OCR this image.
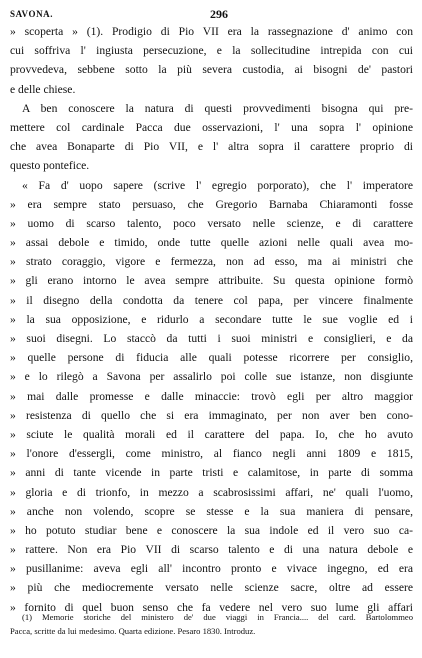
SAVONA.	296
» scoperta » (1). Prodigio di Pio VII era la rassegnazione d' animo con
cui soffriva l' ingiusta persecuzione, e la sollecitudine intrepida con cui
provvedeva, sebbene sotto la più severa custodia, ai bisogni de' pastori
e delle chiese.
A ben conoscere la natura di questi provvedimenti bisogna qui pre-
mettere col cardinale Pacca due osservazioni, l' una sopra l' opinione
che avea Bonaparte di Pio VII, e l' altra sopra il carattere proprio di
questo pontefice.
« Fa d' uopo sapere (scrive l' egregio porporato), che l' imperatore
» era sempre stato persuaso, che Gregorio Barnaba Chiaramonti fosse
» uomo di scarso talento, poco versato nelle scienze, e di carattere
» assai debole e timido, onde tutte quelle azioni nelle quali avea mo-
» strato coraggio, vigore e fermezza, non ad esso, ma ai ministri che
» gli erano intorno le avea sempre attribuite. Su questa opinione formò
» il disegno della condotta da tenere col papa, per vincere finalmente
» la sua opposizione, e ridurlo a secondare tutte le sue voglie ed i
» suoi disegni. Lo staccò da tutti i suoi ministri e consiglieri, e da
» quelle persone di fiducia alle quali potesse ricorrere per consiglio,
» e lo rilegò a Savona per assalirlo poi colle sue istanze, non disgiunte
» mai dalle promesse e dalle minaccie: trovò egli per altro maggior
» resistenza di quello che si era immaginato, per non aver ben cono-
» sciute le qualità morali ed il carattere del papa. Io, che ho avuto
» l'onore d'essergli, come ministro, al fianco negli anni 1809 e 1815,
» anni di tante vicende in parte tristi e calamitose, in parte di somma
» gloria e di trionfo, in mezzo a scabrosissimi affari, ne' quali l'uomo,
» anche non volendo, scopre se stesse e la sua maniera di pensare,
» ho potuto studiar bene e conoscere la sua indole ed il vero suo ca-
» rattere. Non era Pio VII di scarso talento e di una natura debole e
» pusillanime: aveva egli all' incontro pronto e vivace ingegno, ed era
» più che mediocremente versato nelle scienze sacre, oltre ad essere
» fornito di quel buon senso che fa vedere nel vero suo lume gli affari
(1) Memorie storiche del ministero de' due viaggi in Francia.... del card. Bartolommeo
Pacca, scritte da lui medesimo. Quarta edizione. Pesaro 1830. Introduz.
